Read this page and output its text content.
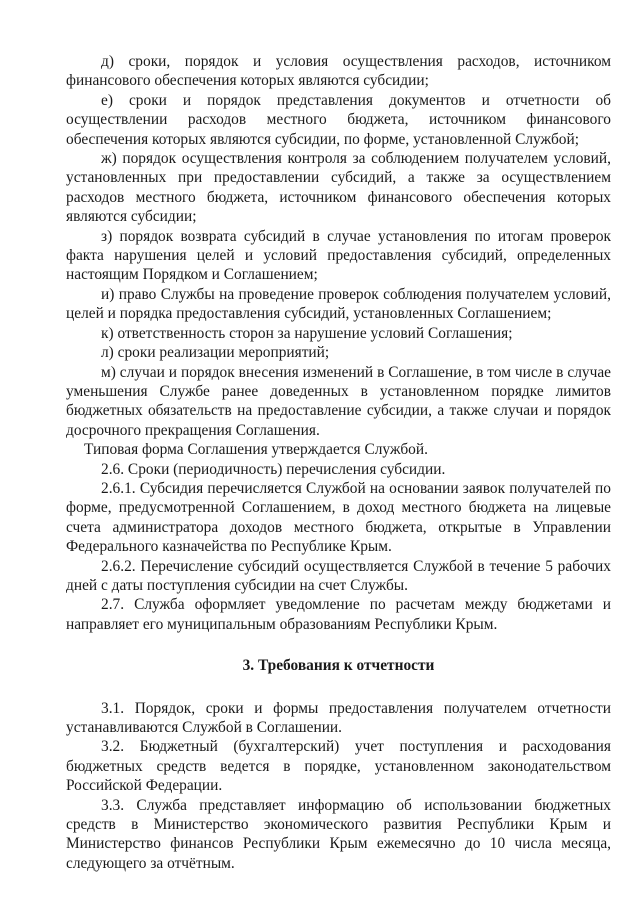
д) сроки, порядок и условия осуществления расходов, источником финансового обеспечения которых являются субсидии;

е) сроки и порядок представления документов и отчетности об осуществлении расходов местного бюджета, источником финансового обеспечения которых являются субсидии, по форме, установленной Службой;

ж) порядок осуществления контроля за соблюдением получателем условий, установленных при предоставлении субсидий, а также за осуществлением расходов местного бюджета, источником финансового обеспечения которых являются субсидии;

з) порядок возврата субсидий в случае установления по итогам проверок факта нарушения целей и условий предоставления субсидий, определенных настоящим Порядком и Соглашением;

и) право Службы на проведение проверок соблюдения получателем условий, целей и порядка предоставления субсидий, установленных Соглашением;

к) ответственность сторон за нарушение условий Соглашения;

л) сроки реализации мероприятий;

м) случаи и порядок внесения изменений в Соглашение, в том числе в случае уменьшения Службе ранее доведенных в установленном порядке лимитов бюджетных обязательств на предоставление субсидии, а также случаи и порядок досрочного прекращения Соглашения.

Типовая форма Соглашения утверждается Службой.

2.6. Сроки (периодичность) перечисления субсидии.

2.6.1. Субсидия перечисляется Службой на основании заявок получателей по форме, предусмотренной Соглашением, в доход местного бюджета на лицевые счета администратора доходов местного бюджета, открытые в Управлении Федерального казначейства по Республике Крым.

2.6.2. Перечисление субсидий осуществляется Службой в течение 5 рабочих дней с даты поступления субсидии на счет Службы.

2.7. Служба оформляет уведомление по расчетам между бюджетами и направляет его муниципальным образованиям Республики Крым.

3. Требования к отчетности

3.1. Порядок, сроки и формы предоставления получателем отчетности устанавливаются Службой в Соглашении.

3.2. Бюджетный (бухгалтерский) учет поступления и расходования бюджетных средств ведется в порядке, установленном законодательством Российской Федерации.

3.3. Служба представляет информацию об использовании бюджетных средств в Министерство экономического развития Республики Крым и Министерство финансов Республики Крым ежемесячно до 10 числа месяца, следующего за отчётным.
